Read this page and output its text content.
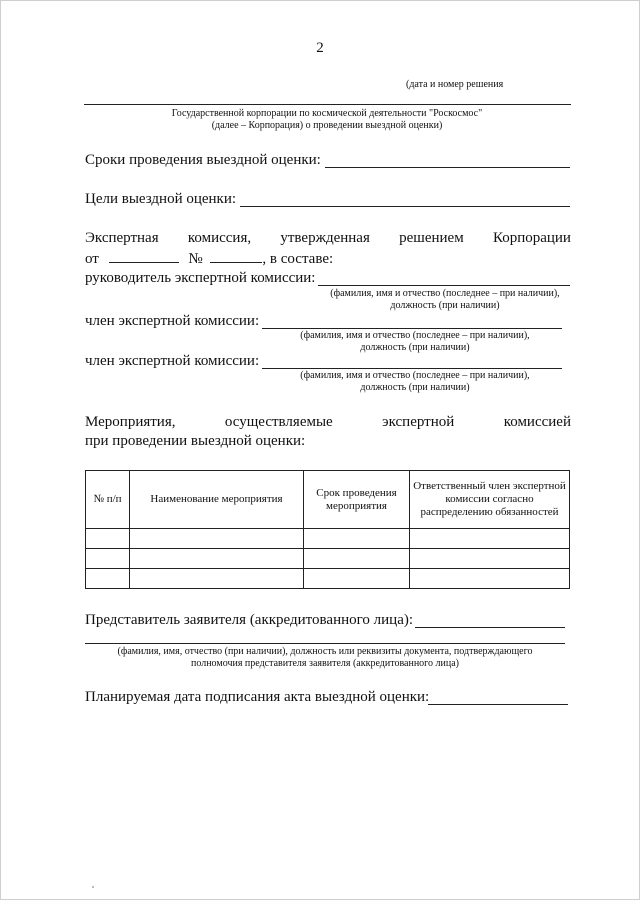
2
(дата и номер решения
Государственной корпорации по космической деятельности "Роскосмос"
(далее – Корпорация) о проведении выездной оценки)
Сроки проведения выездной оценки:
Цели выездной оценки:
Экспертная комиссия, утвержденная решением Корпорации
от	№	, в составе:
руководитель экспертной комиссии:
(фамилия, имя и отчество (последнее – при наличии),
должность (при наличии)
член экспертной комиссии:
(фамилия, имя и отчество (последнее – при наличии),
должность (при наличии)
член экспертной комиссии:
(фамилия, имя и отчество (последнее – при наличии),
должность (при наличии)
Мероприятия,	осуществляемые	экспертной	комиссией
при проведении выездной оценки:
№ п/п	Наименование мероприятия	Срок проведения мероприятия	Ответственный член экспертной комиссии согласно распределению обязанностей

Представитель заявителя (аккредитованного лица):
(фамилия, имя, отчество (при наличии), должность или реквизиты документа, подтверждающего
полномочия представителя заявителя (аккредитованного лица)
Планируемая дата подписания акта выездной оценки:
